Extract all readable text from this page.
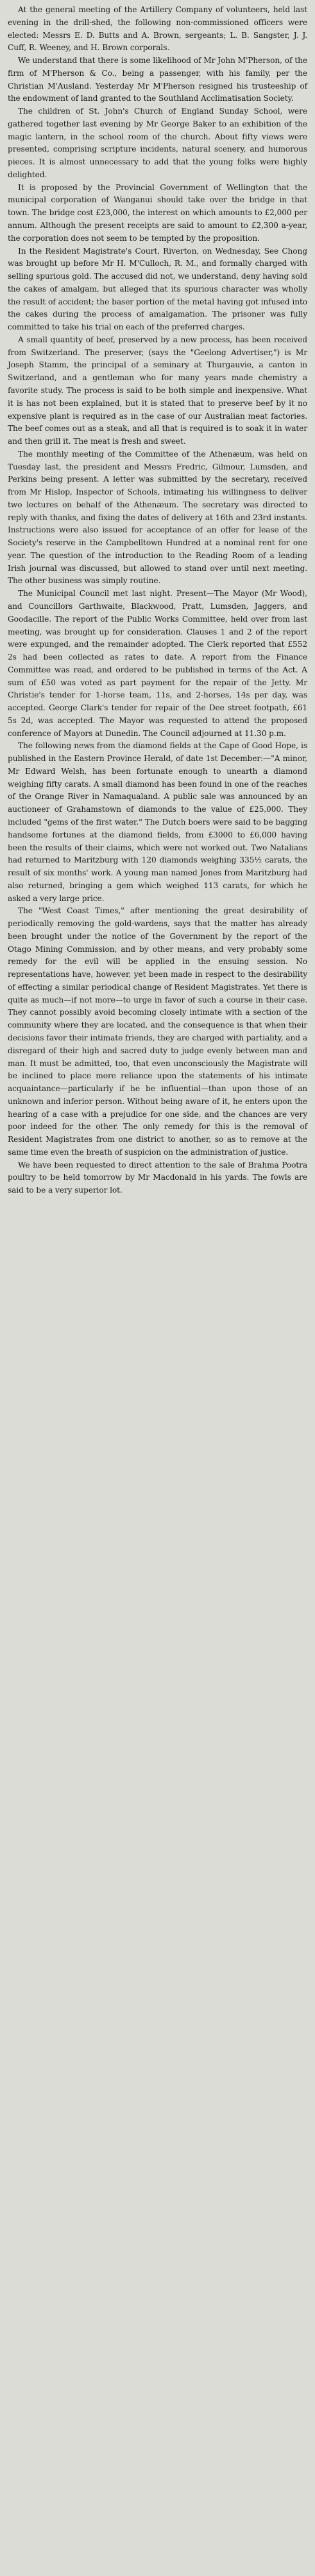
At the general meeting of the Artillery Company of volunteers, held last evening in the drill-shed, the following non-commissioned officers were elected: Messrs E. D. Butts and A. Brown, sergeants; L. B. Sangster, J. J. Cuff, R. Weeney, and H. Brown corporals.

We understand that there is some likelihood of Mr John M'Pherson, of the firm of M'Pherson & Co., being a passenger, with his family, per the Christian M'Ausland. Yesterday Mr M'Pherson resigned his trusteeship of the endowment of land granted to the Southland Acclimatisation Society.

The children of St. John's Church of England Sunday School, were gathered together last evening by Mr George Baker to an exhibition of the magic lantern, in the school room of the church. About fifty views were presented, comprising scripture incidents, natural scenery, and humorous pieces. It is almost unnecessary to add that the young folks were highly delighted.

It is proposed by the Provincial Government of Wellington that the municipal corporation of Wanganui should take over the bridge in that town. The bridge cost £23,000, the interest on which amounts to £2,000 per annum. Although the present receipts are said to amount to £2,300 a-year, the corporation does not seem to be tempted by the proposition.

In the Resident Magistrate's Court, Riverton, on Wednesday, See Chong was brought up before Mr H. M'Culloch, R. M., and formally charged with selling spurious gold. The accused did not, we understand, deny having sold the cakes of amalgam, but alleged that its spurious character was wholly the result of accident; the baser portion of the metal having got infused into the cakes during the process of amalgamation. The prisoner was fully committed to take his trial on each of the preferred charges.

A small quantity of beef, preserved by a new process, has been received from Switzerland. The preserver, (says the "Geelong Advertiser,") is Mr Joseph Stamm, the principal of a seminary at Thurgauvie, a canton in Switzerland, and a gentleman who for many years made chemistry a favorite study. The process is said to be both simple and inexpensive. What it is has not been explained, but it is stated that to preserve beef by it no expensive plant is required as in the case of our Australian meat factories. The beef comes out as a steak, and all that is required is to soak it in water and then grill it. The meat is fresh and sweet.

The monthly meeting of the Committee of the Athenæum, was held on Tuesday last, the president and Messrs Fredric, Gilmour, Lumsden, and Perkins being present. A letter was submitted by the secretary, received from Mr Hislop, Inspector of Schools, intimating his willingness to deliver two lectures on behalf of the Athenæum. The secretary was directed to reply with thanks, and fixing the dates of delivery at 16th and 23rd instants. Instructions were also issued for acceptance of an offer for lease of the Society's reserve in the Campbelltown Hundred at a nominal rent for one year. The question of the introduction to the Reading Room of a leading Irish journal was discussed, but allowed to stand over until next meeting. The other business was simply routine.

The Municipal Council met last night. Present—The Mayor (Mr Wood), and Councillors Garthwaite, Blackwood, Pratt, Lumsden, Jaggers, and Goodacille. The report of the Public Works Committee, held over from last meeting, was brought up for consideration. Clauses 1 and 2 of the report were expunged, and the remainder adopted. The Clerk reported that £552 2s had been collected as rates to date. A report from the Finance Committee was read, and ordered to be published in terms of the Act. A sum of £50 was voted as part payment for the repair of the Jetty. Mr Christie's tender for 1-horse team, 11s, and 2-horses, 14s per day, was accepted. George Clark's tender for repair of the Dee street footpath, £61 5s 2d, was accepted. The Mayor was requested to attend the proposed conference of Mayors at Dunedin. The Council adjourned at 11.30 p.m.

The following news from the diamond fields at the Cape of Good Hope, is published in the Eastern Province Herald, of date 1st December:—"A minor, Mr Edward Welsh, has been fortunate enough to unearth a diamond weighing fifty carats. A small diamond has been found in one of the reaches of the Orange River in Namaqualand. A public sale was announced by an auctioneer of Grahamstown of diamonds to the value of £25,000. They included "gems of the first water." The Dutch boers were said to be bagging handsome fortunes at the diamond fields, from £3000 to £6,000 having been the results of their claims, which were not worked out. Two Natalians had returned to Maritzburg with 120 diamonds weighing 335½ carats, the result of six months' work. A young man named Jones from Maritzburg had also returned, bringing a gem which weighed 113 carats, for which he asked a very large price.

The "West Coast Times," after mentioning the great desirability of periodically removing the gold-wardens, says that the matter has already been brought under the notice of the Government by the report of the Otago Mining Commission, and by other means, and very probably some remedy for the evil will be applied in the ensuing session. No representations have, however, yet been made in respect to the desirability of effecting a similar periodical change of Resident Magistrates. Yet there is quite as much—if not more—to urge in favor of such a course in their case. They cannot possibly avoid becoming closely intimate with a section of the community where they are located, and the consequence is that when their decisions favor their intimate friends, they are charged with partiality, and a disregard of their high and sacred duty to judge evenly between man and man. It must be admitted, too, that even unconsciously the Magistrate will be inclined to place more reliance upon the statements of his intimate acquaintance—particularly if he be influential—than upon those of an unknown and inferior person. Without being aware of it, he enters upon the hearing of a case with a prejudice for one side, and the chances are very poor indeed for the other. The only remedy for this is the removal of Resident Magistrates from one district to another, so as to remove at the same time even the breath of suspicion on the administration of justice.

We have been requested to direct attention to the sale of Brahma Pootra poultry to be held tomorrow by Mr Macdonald in his yards. The fowls are said to be a very superior lot.
